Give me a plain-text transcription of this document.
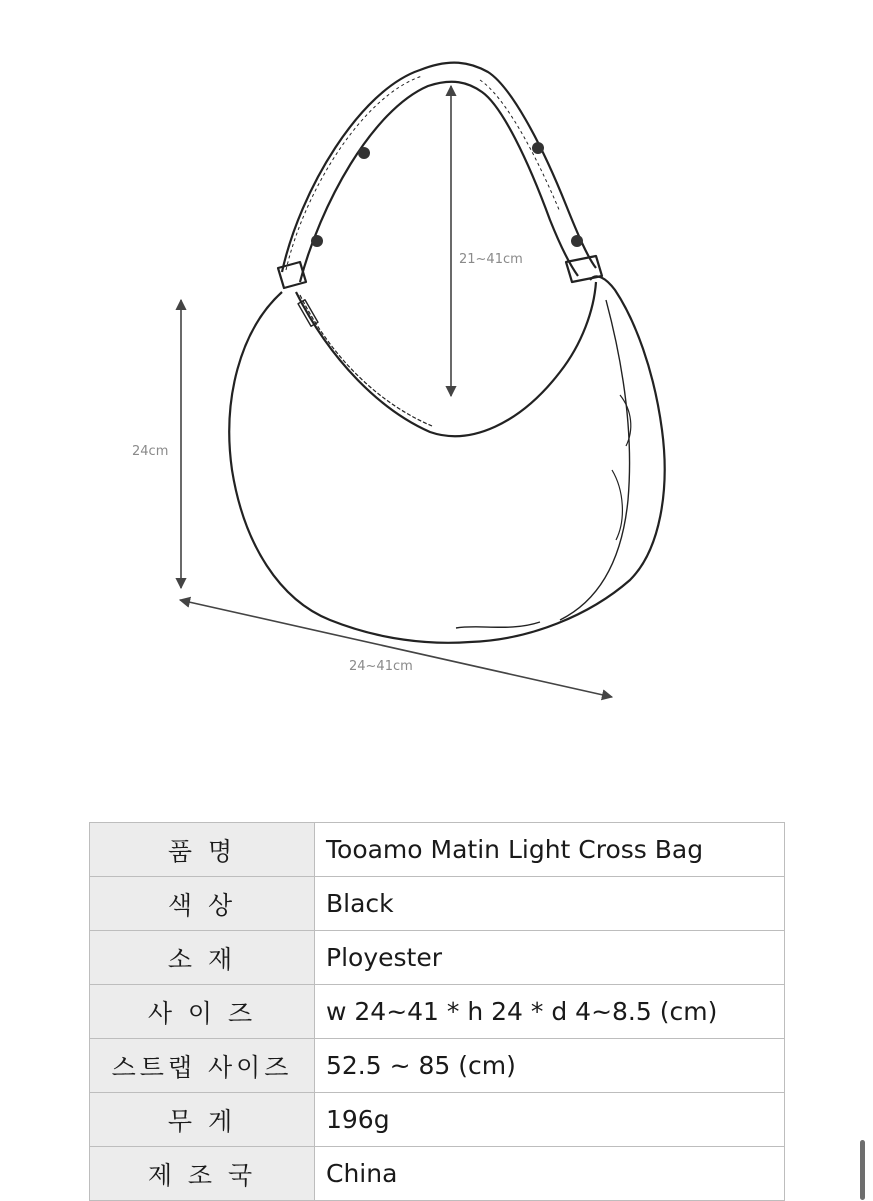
21~41cm
24cm
24~41cm
품 명	Tooamo Matin Light Cross Bag
색 상	Black
소 재	Ployester
사 이 즈	w 24~41 * h 24 * d 4~8.5 (cm)
스트랩 사이즈	52.5 ~ 85 (cm)
무 게	196g
제 조 국	China
